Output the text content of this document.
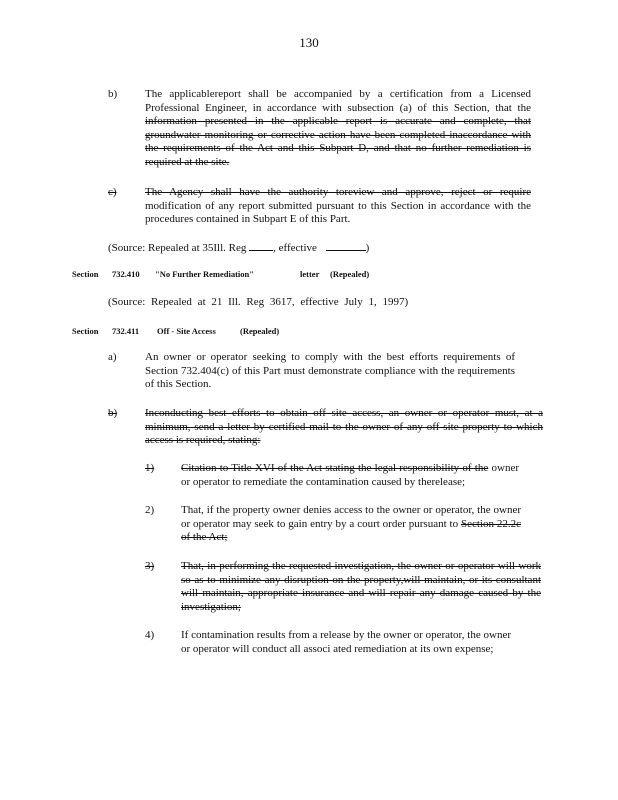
130
b)	The applicablereport shall be accompanied by a certification from a Licensed Professional Engineer, in accordance with subsection (a) of this Section, that the information presented in the applicable report is accurate and complete, that groundwater monitoring or corrective action have been completed inaccordance with the requirements of the Act and this Subpart D, and that no further remediation is required at the site.
c)	The Agency shall have the authority toreview and approve, reject or require modification of any report submitted pursuant to this Section in accordance with the procedures contained in Subpart E of this Part.
(Source: Repealed at 35Ill. Reg , effective	)

Section

732.410

"No Further Remediation"

	letter

(Repealed)

(Source: Repealed at 21 Ill. Reg 3617, effective July 1, 1997)

Section

732.411

Off - Site Access

	(Repealed)

a)	An owner or operator seeking to comply with the best efforts requirements of Section 732.404(c) of this Part must demonstrate compliance with the requirements of this Section.
b)	Inconducting best efforts to obtain off site access, an owner or operator must, at a minimum, send a letter by certified mail to the owner of any off site property to which access is required, stating:
1) Citation to Title XVI of the Act stating the legal responsibility of the owner or operator to remediate the contamination caused by therelease;
2) That, if the property owner denies access to the owner or operator, the owner or operator may seek to gain entry by a court order pursuant to Section 22.2c of the Act;
3) That, in performing the requested investigation, the owner or operator will work so as to minimize any disruption on the property,will maintain, or its consultant will maintain, appropriate insurance and will repair any damage caused by the investigation;
4) If contamination results from a release by the owner or operator, the owner or operator will conduct all associ ated remediation at its own expense;
